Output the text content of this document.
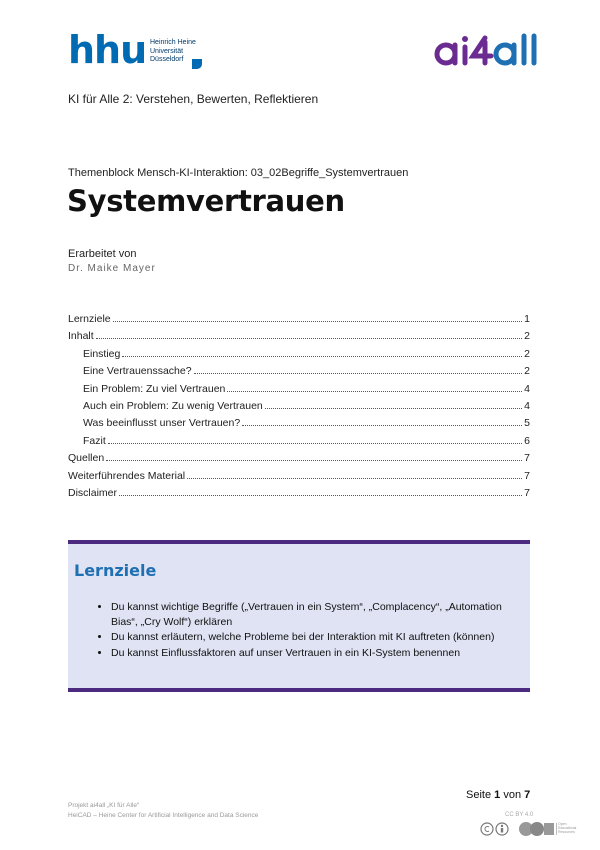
hhu Heinrich Heine
Universität
Düsseldorf
KI für Alle 2: Verstehen, Bewerten, Reflektieren
Themenblock Mensch-KI-Interaktion: 03_02Begriffe_Systemvertrauen
Systemvertrauen
Erarbeitet von
Dr. Maike Mayer
Lernziele	1
Inhalt	2
Einstieg	2
Eine Vertrauenssache?	2
Ein Problem: Zu viel Vertrauen	4
Auch ein Problem: Zu wenig Vertrauen	4
Was beeinflusst unser Vertrauen?	5
Fazit	6
Quellen	7
Weiterführendes Material	7
Disclaimer	7
Lernziele
• Du kannst wichtige Begriffe („Vertrauen in ein System“, „Complacency“, „Automation Bias“, „Cry Wolf“) erklären
• Du kannst erläutern, welche Probleme bei der Interaktion mit KI auftreten (können)
• Du kannst Einflussfaktoren auf unser Vertrauen in ein KI-System benennen
Seite 1 von 7
Projekt ai4all „KI für Alle“
HeiCAD – Heine Center for Artificial Intelligence and Data Science	CC BY 4.0
Open Educational Resources
